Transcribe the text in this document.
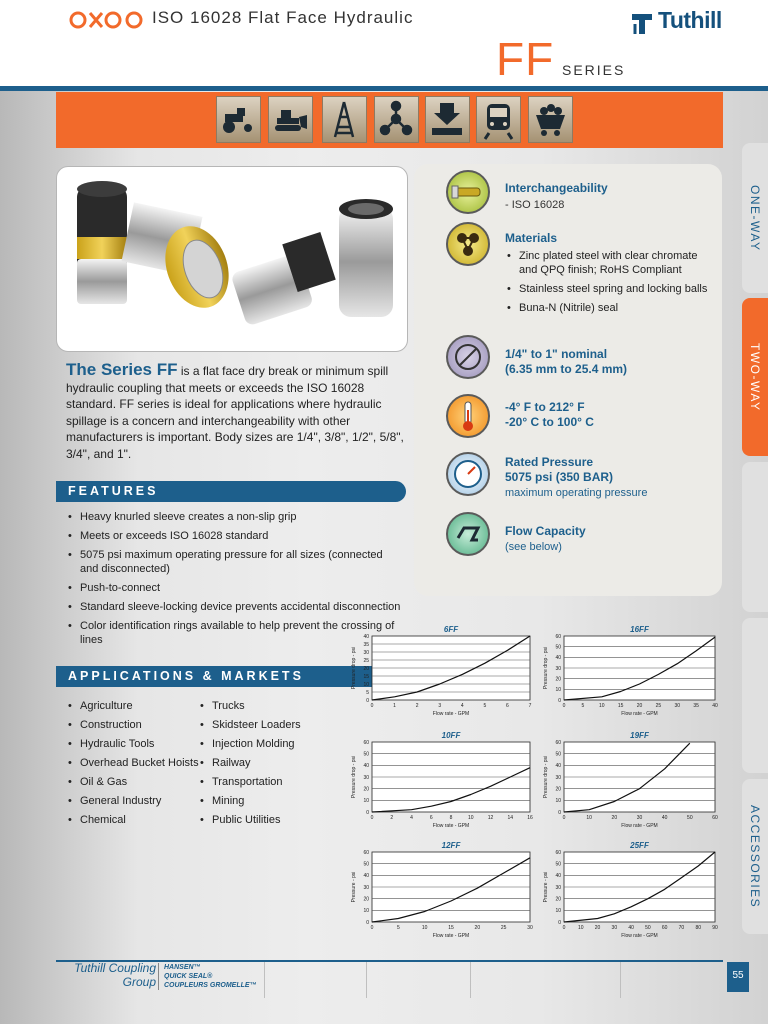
ISO 16028 Flat Face Hydraulic	Tuthill
FF SERIES
The Series FF is a flat face dry break or minimum spill hydraulic coupling that meets or exceeds the ISO 16028 standard. FF series is ideal for applications where hydraulic spillage is a concern and interchangeability with other manufacturers is important. Body sizes are 1/4", 3/8", 1/2", 5/8", 3/4", and 1".
FEATURES
• Heavy knurled sleeve creates a non-slip grip
• Meets or exceeds ISO 16028 standard
• 5075 psi maximum operating pressure for all sizes (connected and disconnected)
• Push-to-connect
• Standard sleeve-locking device prevents accidental disconnection
• Color identification rings available to help prevent the crossing of lines
APPLICATIONS & MARKETS
• Agriculture
• Construction
• Hydraulic Tools
• Overhead Bucket Hoists
• Oil & Gas
• General Industry
• Chemical
• Trucks
• Skidsteer Loaders
• Injection Molding
• Railway
• Transportation
• Mining
• Public Utilities
Interchangeability
- ISO 16028
Materials
• Zinc plated steel with clear chromate and QPQ finish; RoHS Compliant
• Stainless steel spring and locking balls
• Buna-N (Nitrile) seal
1/4" to 1" nominal
(6.35 mm to 25.4 mm)
-4° F to 212° F
-20° C to 100° C
Rated Pressure
5075 psi (350 BAR)
maximum operating pressure
Flow Capacity
(see below)
ONE-WAY
TWO-WAY
ACCESSORIES
0
5
10
15
20
25
30
35
40
0	1	2	3	4	5	6	7
6FF
Flow rate - GPM
Pressure drop - psi
0
10
20
30
40
50
60
0	5	10	15	20	25	30	35	40
16FF
Flow rate - GPM
Pressure drop - psi
0
10
20
30
40
50
60
0	2	4	6	8	10	12	14	16
10FF
Flow rate - GPM
Pressure drop - psi
0
10
20
30
40
50
60
0	10	20	30	40	50	60
19FF
Flow rate - GPM
Pressure drop - psi
0
10
20
30
40
50
60
0	5	10	15	20	25	30
12FF
Flow rate - GPM
Pressure - psi
0
10
20
30
40
50
60
0	10 20 30 40 50 60 70 80 90
25FF
Flow rate - GPM
Pressure - psi
Tuthill Coupling
Group
HANSEN™
QUICK SEAL®
COUPLEURS GROMELLE™
55
